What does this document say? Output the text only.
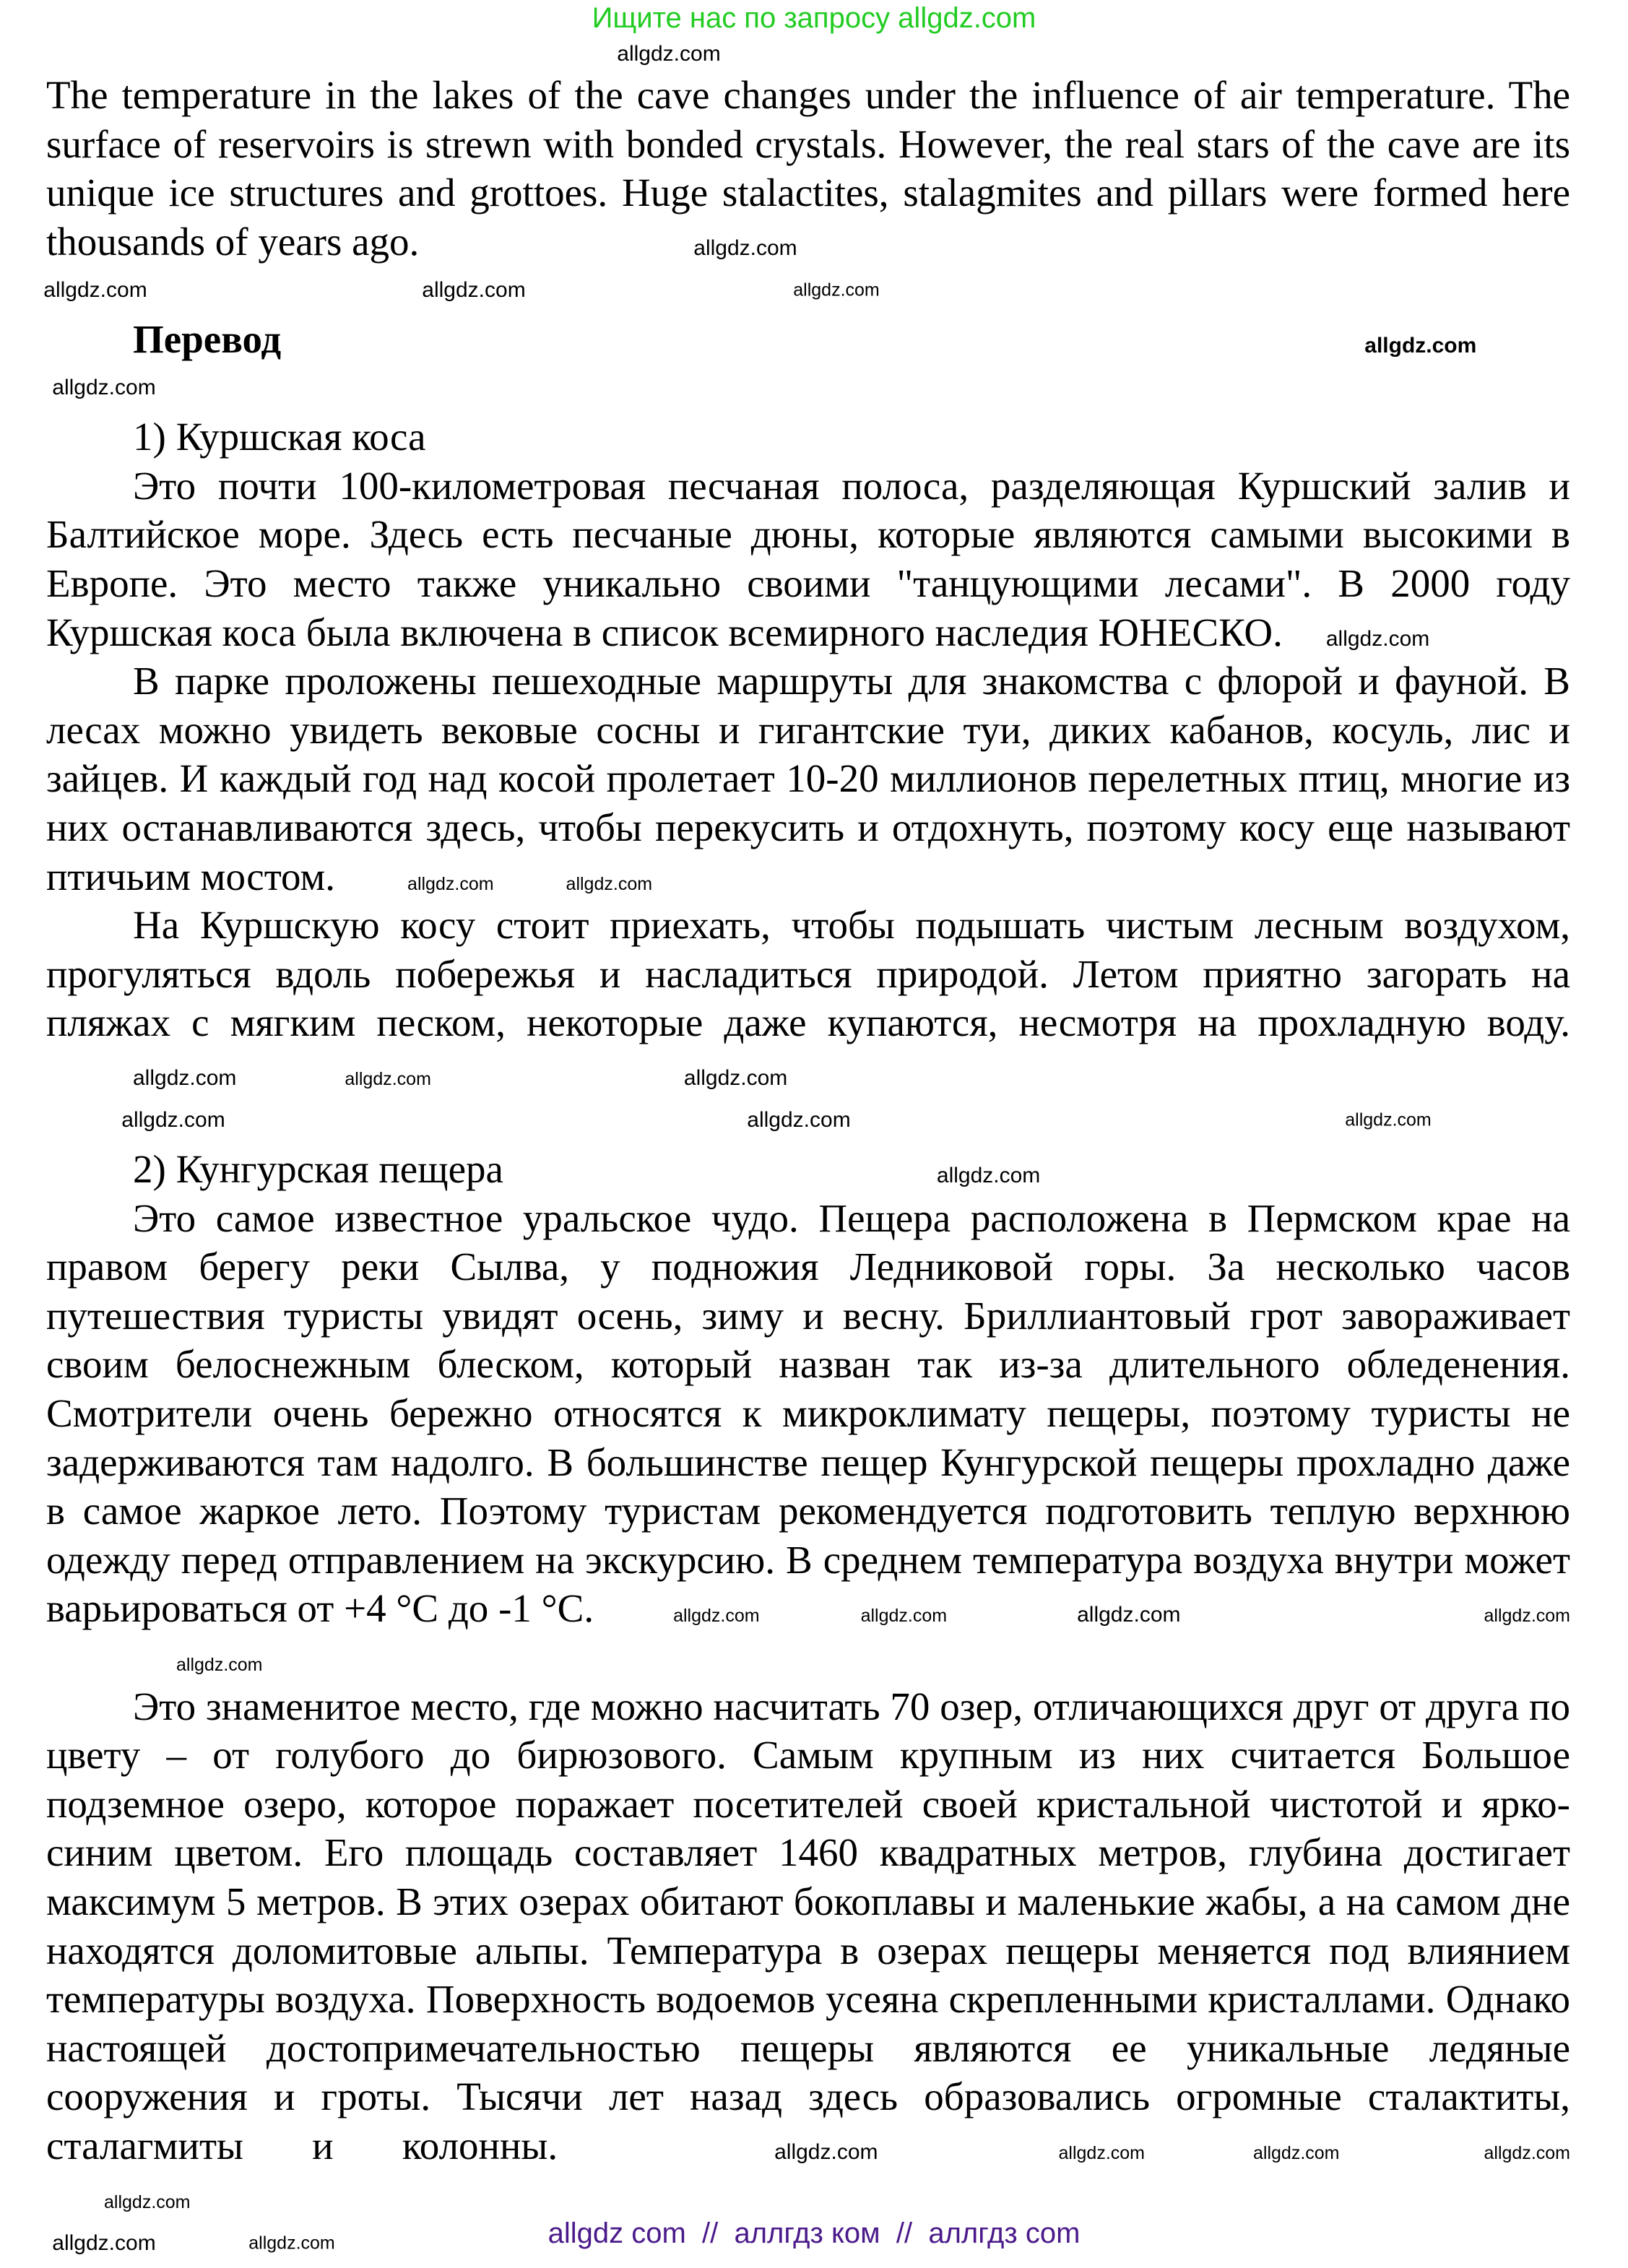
Ищите нас по запросу allgdz.com
allgdz.com

The temperature in the lakes of the cave changes under the influence of air temperature. The surface of reservoirs is strewn with bonded crystals. However, the real stars of the cave are its unique ice structures and grottoes. Huge stalactites, stalagmites and pillars were formed here thousands of years ago.	allgdz.com

allgdz.com	allgdz.com	allgdz.com

Перевод	allgdz.com

allgdz.com

1) Куршская коса

Это почти 100-километровая песчаная полоса, разделяющая Куршский залив и Балтийское море. Здесь есть песчаные дюны, которые являются самыми высокими в Европе. Это место также уникально своими "танцующими лесами". В 2000 году Куршская коса была включена в список всемирного наследия ЮНЕСКО. allgdz.com

В парке проложены пешеходные маршруты для знакомства с флорой и фауной. В лесах можно увидеть вековые сосны и гигантские туи, диких кабанов, косуль, лис и зайцев. И каждый год над косой пролетает 10-20 миллионов перелетных птиц, многие из них останавливаются здесь, чтобы перекусить и отдохнуть, поэтому косу еще называют птичьим мостом.	allgdz.com	allgdz.com

На Куршскую косу стоит приехать, чтобы подышать чистым лесным воздухом, прогуляться вдоль побережья и насладиться природой. Летом приятно загорать на пляжах с мягким песком, некоторые даже купаются, несмотря на прохладную воду.allgdz.com	allgdz.com	allgdz.com

allgdz.com
allgdz.com	allgdz.com

2) Кунгурская пещера	allgdz.com

Это самое известное уральское чудо. Пещера расположена в Пермском крае на правом берегу реки Сылва, у подножия Ледниковой горы. За несколько часов путешествия туристы увидят осень, зиму и весну. Бриллиантовый грот завораживает своим белоснежным блеском, который назван так из-за длительного обледенения. Смотрители очень бережно относятся к микроклимату пещеры, поэтому туристы не задерживаются там надолго. В большинстве пещер Кунгурской пещеры прохладно даже в самое жаркое лето. Поэтому туристам рекомендуется подготовить теплую верхнюю одежду перед отправлением на экскурсию. В среднем температура воздуха внутри может варьироваться от +4 °C до -1 °C.	allgdz.com	allgdz.com	allgdz.com	allgdz.comallgdz.com

Это знаменитое место, где можно насчитать 70 озер, отличающихся друг от друга по цвету – от голубого до бирюзового. Самым крупным из них считается Большое подземное озеро, которое поражает посетителей своей кристальной чистотой и ярко-синим цветом. Его площадь составляет 1460 квадратных метров, глубина достигает максимум 5 метров. В этих озерах обитают бокоплавы и маленькие жабы, а на самом дне находятся доломитовые альпы. Температура в озерах пещеры меняется под влиянием температуры воздуха. Поверхность водоемов усеяна скрепленными кристаллами. Однако настоящей достопримечательностью пещеры являются ее уникальные ледяные сооружения и гроты. Тысячи лет назад здесь образовались огромные сталактиты, сталагмиты и колонны.	allgdz.com	allgdz.com	allgdz.com	allgdz.comallgdz.com

allgdz.com	allgdz.com	allgdz com  //  аллгдз ком  //  аллгдз com
